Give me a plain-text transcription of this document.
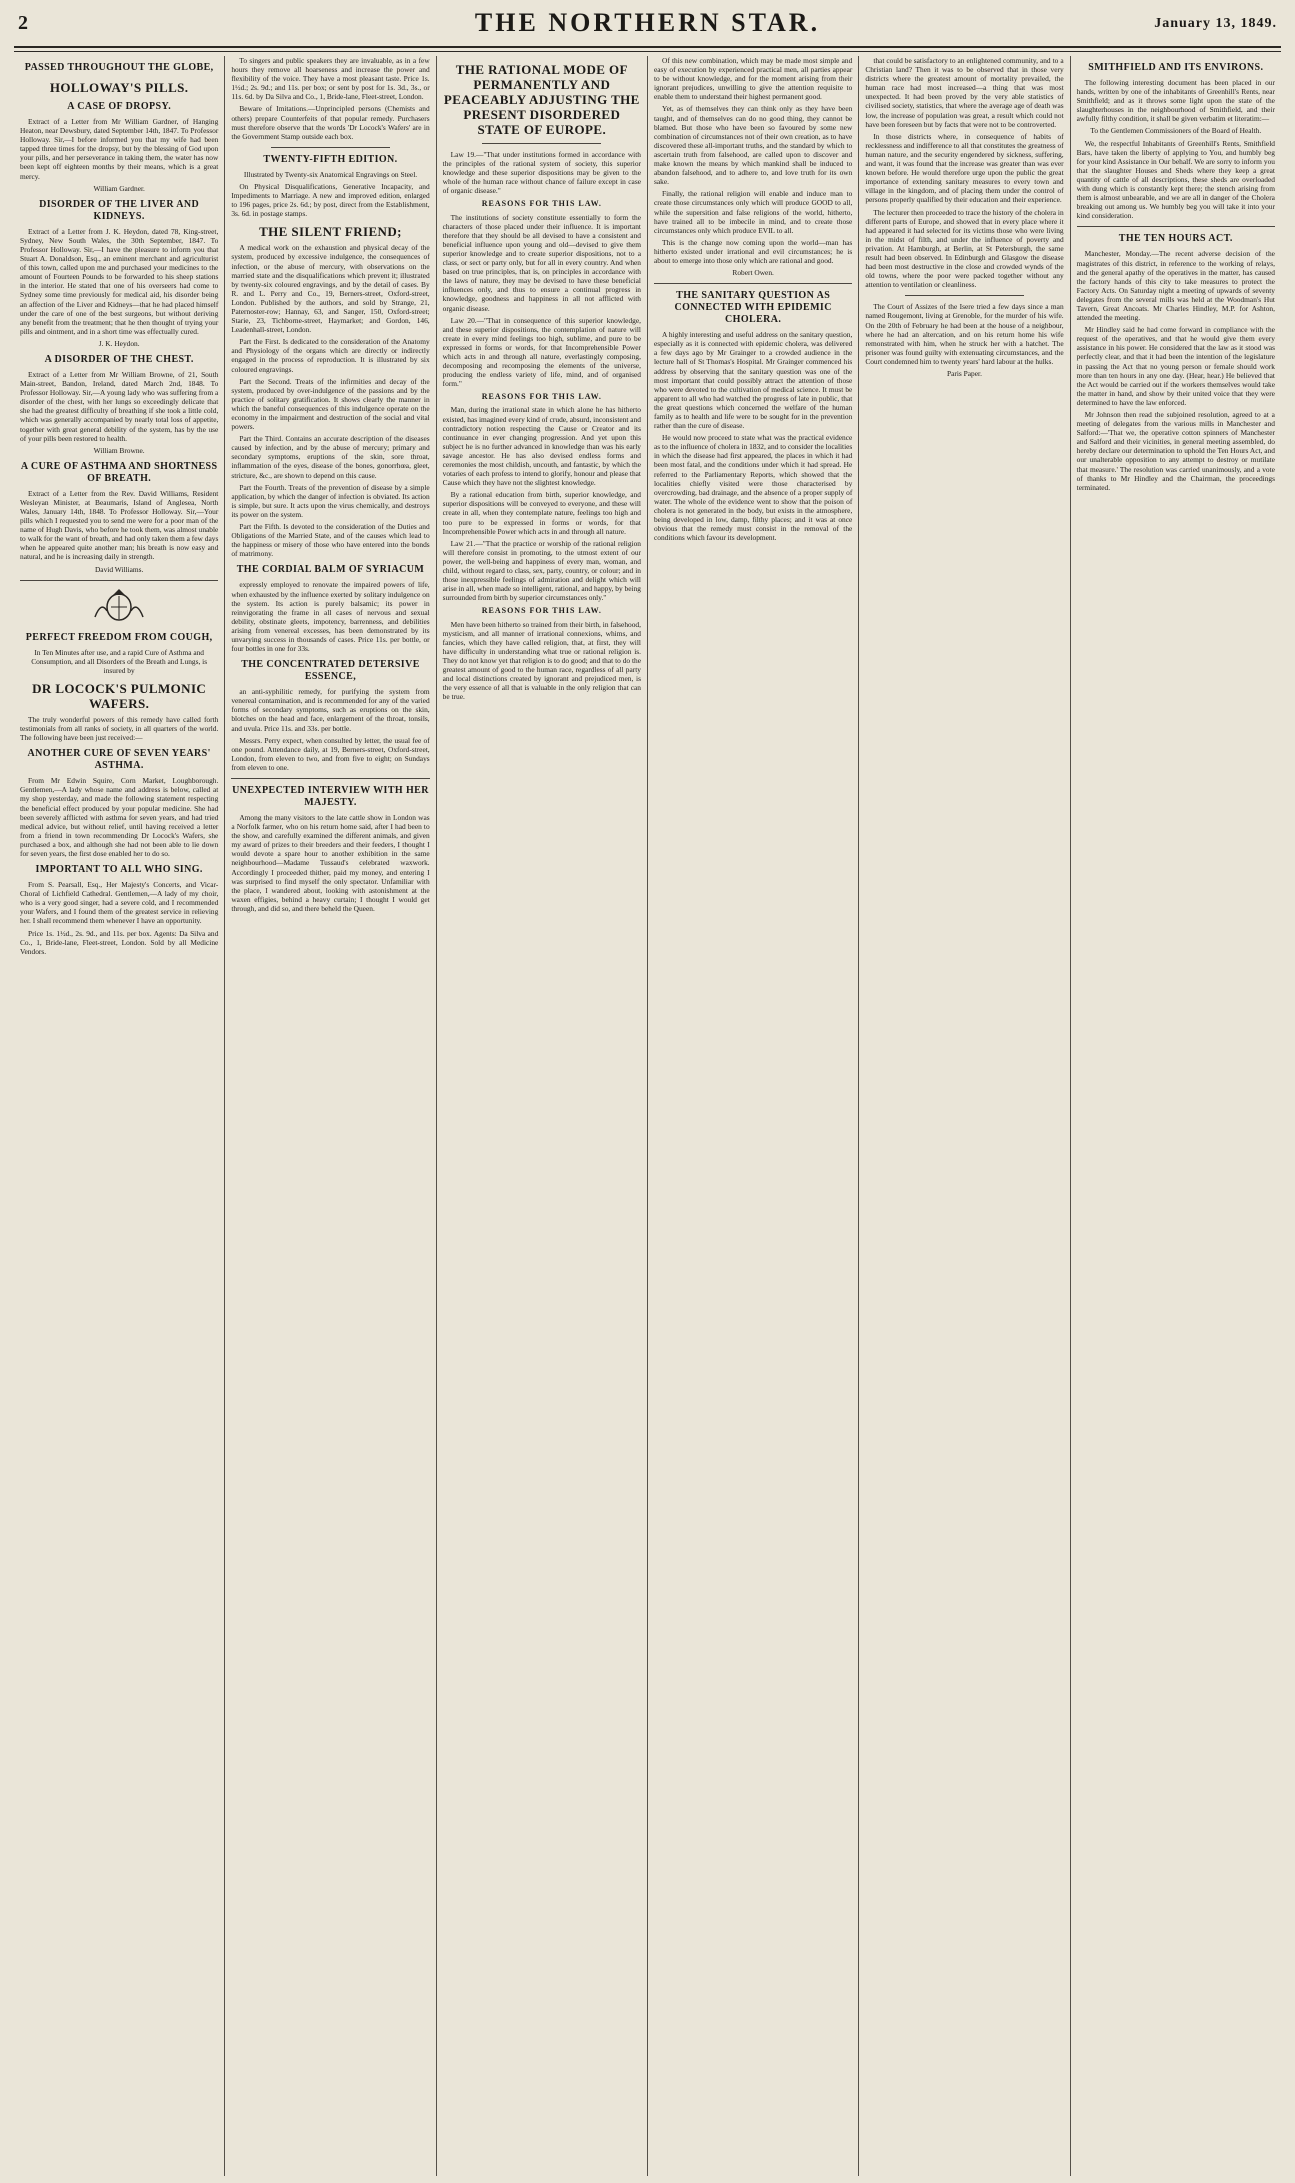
2	THE NORTHERN STAR.	January 13, 1849.
PASSED THROUGHOUT THE GLOBE,
HOLLOWAY'S PILLS.
A CASE OF DROPSY.

Extract of a Letter from Mr William Gardner, of Hanging Heaton, near Dewsbury, dated September 14th, 1847. To Professor Holloway. Sir,—I before informed you that my wife had been tapped three times for the dropsy, but by the blessing of God upon your pills, and her perseverance in taking them, the water has now been kept off eighteen months by their means, which is a great mercy.

William Gardner.

DISORDER OF THE LIVER AND KIDNEYS.

Extract of a Letter from J. K. Heydon, dated 78, King-street, Sydney, New South Wales, the 30th September, 1847. To Professor Holloway. Sir,—I have the pleasure to inform you that Stuart A. Donaldson, Esq., an eminent merchant and agriculturist of this town, called upon me and purchased your medicines to the amount of Fourteen Pounds to be forwarded to his sheep stations in the interior. He stated that one of his overseers had come to Sydney some time previously for medical aid, his disorder being an affection of the Liver and Kidneys—that he had placed himself under the care of one of the best surgeons, but without deriving any benefit from the treatment; that he then thought of trying your pills and ointment, and in a short time was effectually cured.

J. K. Heydon.

A DISORDER OF THE CHEST.

Extract of a Letter from Mr William Browne, of 21, South Main-street, Bandon, Ireland, dated March 2nd, 1848. To Professor Holloway. Sir,—A young lady who was suffering from a disorder of the chest, with her lungs so exceedingly delicate that she had the greatest difficulty of breathing if she took a little cold, which was generally accompanied by nearly total loss of appetite, together with great general debility of the system, has by the use of your pills been restored to health.

William Browne.

A CURE OF ASTHMA AND SHORTNESS OF BREATH.

Extract of a Letter from the Rev. David Williams, Resident Wesleyan Minister, at Beaumaris, Island of Anglesea, North Wales, January 14th, 1848. To Professor Holloway. Sir,—Your pills which I requested you to send me were for a poor man of the name of Hugh Davis, who before he took them, was almost unable to walk for the want of breath, and had only taken them a few days when he appeared quite another man; his breath is now easy and natural, and he is increasing daily in strength.

David Williams.

PERFECT FREEDOM FROM COUGH,

In Ten Minutes after use, and a rapid Cure of Asthma and Consumption, and all Disorders of the Breath and Lungs, is insured by

DR LOCOCK'S PULMONIC WAFERS.

The truly wonderful powers of this remedy have called forth testimonials from all ranks of society, in all quarters of the world. The following have been just received:—

ANOTHER CURE OF SEVEN YEARS' ASTHMA.

From Mr Edwin Squire, Corn Market, Loughborough. Gentlemen,—A lady whose name and address is below, called at my shop yesterday, and made the following statement respecting the beneficial effect produced by your popular medicine. She had been severely afflicted with asthma for seven years, and had tried medical advice, but without relief, until having received a letter from a friend in town recommending Dr Locock's Wafers, she purchased a box, and although she had not been able to lie down for seven years, the first dose enabled her to do so.

IMPORTANT TO ALL WHO SING.

From S. Pearsall, Esq., Her Majesty's Concerts, and Vicar-Choral of Lichfield Cathedral. Gentlemen,—A lady of my choir, who is a very good singer, had a severe cold, and I recommended your Wafers, and I found them of the greatest service in relieving her. I shall recommend them whenever I have an opportunity.

Price 1s. 1½d., 2s. 9d., and 11s. per box. Agents: Da Silva and Co., 1, Bride-lane, Fleet-street, London. Sold by all Medicine Vendors.

To singers and public speakers they are invaluable, as in a few hours they remove all hoarseness and increase the power and flexibility of the voice. They have a most pleasant taste. Price 1s. 1½d.; 2s. 9d.; and 11s. per box; or sent by post for 1s. 3d., 3s., or 11s. 6d. by Da Silva and Co., 1, Bride-lane, Fleet-street, London.

Beware of Imitations.—Unprincipled persons (Chemists and others) prepare Counterfeits of that popular remedy. Purchasers must therefore observe that the words 'Dr Locock's Wafers' are in the Government Stamp outside each box.

TWENTY-FIFTH EDITION.

Illustrated by Twenty-six Anatomical Engravings on Steel.

On Physical Disqualifications, Generative Incapacity, and Impediments to Marriage. A new and improved edition, enlarged to 196 pages, price 2s. 6d.; by post, direct from the Establishment, 3s. 6d. in postage stamps.

THE SILENT FRIEND;

A medical work on the exhaustion and physical decay of the system, produced by excessive indulgence, the consequences of infection, or the abuse of mercury, with observations on the married state and the disqualifications which prevent it; illustrated by twenty-six coloured engravings, and by the detail of cases. By R. and L. Perry and Co., 19, Berners-street, Oxford-street, London. Published by the authors, and sold by Strange, 21, Paternoster-row; Hannay, 63, and Sanger, 150, Oxford-street; Starie, 23, Tichborne-street, Haymarket; and Gordon, 146, Leadenhall-street, London.

Part the First. Is dedicated to the consideration of the Anatomy and Physiology of the organs which are directly or indirectly engaged in the process of reproduction. It is illustrated by six coloured engravings.

Part the Second. Treats of the infirmities and decay of the system, produced by over-indulgence of the passions and by the practice of solitary gratification. It shows clearly the manner in which the baneful consequences of this indulgence operate on the economy in the impairment and destruction of the social and vital powers.

Part the Third. Contains an accurate description of the diseases caused by infection, and by the abuse of mercury; primary and secondary symptoms, eruptions of the skin, sore throat, inflammation of the eyes, disease of the bones, gonorrhœa, gleet, stricture, &c., are shown to depend on this cause.

Part the Fourth. Treats of the prevention of disease by a simple application, by which the danger of infection is obviated. Its action is simple, but sure. It acts upon the virus chemically, and destroys its power on the system.

Part the Fifth. Is devoted to the consideration of the Duties and Obligations of the Married State, and of the causes which lead to the happiness or misery of those who have entered into the bonds of matrimony.

THE CORDIAL BALM OF SYRIACUM

expressly employed to renovate the impaired powers of life, when exhausted by the influence exerted by solitary indulgence on the system. Its action is purely balsamic; its power in reinvigorating the frame in all cases of nervous and sexual debility, obstinate gleets, impotency, barrenness, and debilities arising from venereal excesses, has been demonstrated by its unvarying success in thousands of cases. Price 11s. per bottle, or four bottles in one for 33s.

THE CONCENTRATED DETERSIVE ESSENCE,

an anti-syphilitic remedy, for purifying the system from venereal contamination, and is recommended for any of the varied forms of secondary symptoms, such as eruptions on the skin, blotches on the head and face, enlargement of the throat, tonsils, and uvula. Price 11s. and 33s. per bottle.

Messrs. Perry expect, when consulted by letter, the usual fee of one pound. Attendance daily, at 19, Berners-street, Oxford-street, London, from eleven to two, and from five to eight; on Sundays from eleven to one.

UNEXPECTED INTERVIEW WITH HER MAJESTY.

Among the many visitors to the late cattle show in London was a Norfolk farmer, who on his return home said, after I had been to the show, and carefully examined the different animals, and given my award of prizes to their breeders and their feeders, I thought I would devote a spare hour to another exhibition in the same neighbourhood—Madame Tussaud's celebrated waxwork. Accordingly I proceeded thither, paid my money, and entering I was surprised to find myself the only spectator. Unfamiliar with the place, I wandered about, looking with astonishment at the waxen effigies, behind a heavy curtain; I thought I would get through, and did so, and there beheld the Queen.

THE RATIONAL MODE OF PERMANENTLY AND PEACEABLY ADJUSTING THE PRESENT DISORDERED STATE OF EUROPE.

Law 19.—"That under institutions formed in accordance with the principles of the rational system of society, this superior knowledge and these superior dispositions may be given to the whole of the human race without chance of failure except in case of organic disease."

REASONS FOR THIS LAW.

The institutions of society constitute essentially to form the characters of those placed under their influence. It is important therefore that they should be all devised to have a consistent and beneficial influence upon young and old—devised to give them superior knowledge and to create superior dispositions, not to a class, or sect or party only, but for all in every country. And when based on true principles, that is, on principles in accordance with the laws of nature, they may be devised to have these beneficial influences only, and thus to ensure a continual progress in knowledge, goodness and happiness in all not afflicted with organic disease.

Law 20.—"That in consequence of this superior knowledge, and these superior dispositions, the contemplation of nature will create in every mind feelings too high, sublime, and pure to be expressed in forms or words, for that Incomprehensible Power which acts in and through all nature, everlastingly composing, decomposing and recomposing the elements of the universe, producing the endless variety of life, mind, and of organised form."

REASONS FOR THIS LAW.

Man, during the irrational state in which alone he has hitherto existed, has imagined every kind of crude, absurd, inconsistent and contradictory notion respecting the Cause or Creator and its continuance in ever changing progression. And yet upon this subject he is no further advanced in knowledge than was his early savage ancestor. He has also devised endless forms and ceremonies the most childish, uncouth, and fantastic, by which the votaries of each profess to intend to glorify, honour and please that Cause which they have not the slightest knowledge.

By a rational education from birth, superior knowledge, and superior dispositions will be conveyed to everyone, and these will create in all, when they contemplate nature, feelings too high and too pure to be expressed in forms or words, for that Incomprehensible Power which acts in and through all nature.

Law 21.—"That the practice or worship of the rational religion will therefore consist in promoting, to the utmost extent of our power, the well-being and happiness of every man, woman, and child, without regard to class, sex, party, country, or colour; and in those inexpressible feelings of admiration and delight which will arise in all, when made so intelligent, rational, and happy, by being surrounded from birth by superior circumstances only."

REASONS FOR THIS LAW.

Men have been hitherto so trained from their birth, in falsehood, mysticism, and all manner of irrational connexions, whims, and fancies, which they have called religion, that, at first, they will have difficulty in understanding what true or rational religion is. They do not know yet that religion is to do good; and that to do the greatest amount of good to the human race, regardless of all party and local distinctions created by ignorant and prejudiced men, is the very essence of all that is valuable in the only religion that can be true.

Of this new combination, which may be made most simple and easy of execution by experienced practical men, all parties appear to be without knowledge, and for the moment arising from their ignorant prejudices, unwilling to give the attention requisite to enable them to understand their highest permanent good.

Yet, as of themselves they can think only as they have been taught, and of themselves can do no good thing, they cannot be blamed. But those who have been so favoured by some new combination of circumstances not of their own creation, as to have discovered these all-important truths, and the standard by which to ascertain truth from falsehood, are called upon to discover and make known the means by which mankind shall be induced to abandon falsehood, and to adhere to, and love truth for its own sake.

Finally, the rational religion will enable and induce man to create those circumstances only which will produce GOOD to all, while the supersition and false religions of the world, hitherto, have trained all to be imbecile in mind, and to create those circumstances only which produce EVIL to all.

This is the change now coming upon the world—man has hitherto existed under irrational and evil circumstances; he is about to emerge into those only which are rational and good.

Robert Owen.

THE SANITARY QUESTION AS CONNECTED WITH EPIDEMIC CHOLERA.

A highly interesting and useful address on the sanitary question, especially as it is connected with epidemic cholera, was delivered a few days ago by Mr Grainger to a crowded audience in the lecture hall of St Thomas's Hospital. Mr Grainger commenced his address by observing that the sanitary question was one of the most important that could possibly attract the attention of those who were devoted to the cultivation of medical science. It must be apparent to all who had watched the progress of late in public, that the great questions which concerned the welfare of the human family as to health and life were to be sought for in the prevention rather than the cure of disease.

He would now proceed to state what was the practical evidence as to the influence of cholera in 1832, and to consider the localities in which the disease had first appeared, the places in which it had been most fatal, and the conditions under which it had spread. He referred to the Parliamentary Reports, which showed that the localities chiefly visited were those characterised by overcrowding, bad drainage, and the absence of a proper supply of water. The whole of the evidence went to show that the poison of cholera is not generated in the body, but exists in the atmosphere, being developed in low, damp, filthy places; and it was at once obvious that the remedy must consist in the removal of the conditions which favour its development.

that could be satisfactory to an enlightened community, and to a Christian land? Then it was to be observed that in those very districts where the greatest amount of mortality prevailed, the human race had most increased—a thing that was most unexpected. It had been proved by the very able statistics of civilised society, statistics, that where the average age of death was low, the increase of population was great, a result which could not have been foreseen but by facts that were not to be controverted.

In those districts where, in consequence of habits of recklessness and indifference to all that constitutes the greatness of human nature, and the security engendered by sickness, suffering, and want, it was found that the increase was greater than was ever known before. He would therefore urge upon the public the great importance of extending sanitary measures to every town and village in the kingdom, and of placing them under the control of persons properly qualified by their education and their experience.

The lecturer then proceeded to trace the history of the cholera in different parts of Europe, and showed that in every place where it had appeared it had selected for its victims those who were living in the midst of filth, and under the influence of poverty and privation. At Hamburgh, at Berlin, at St Petersburgh, the same result had been observed. In Edinburgh and Glasgow the disease had been most destructive in the close and crowded wynds of the old towns, where the poor were packed together without any attention to ventilation or cleanliness.

The Court of Assizes of the Isere tried a few days since a man named Rougemont, living at Grenoble, for the murder of his wife. On the 20th of February he had been at the house of a neighbour, where he had an altercation, and on his return home his wife remonstrated with him, when he struck her with a hatchet. The prisoner was found guilty with extenuating circumstances, and the Court condemned him to twenty years' hard labour at the hulks.

Paris Paper.

SMITHFIELD AND ITS ENVIRONS.

The following interesting document has been placed in our hands, written by one of the inhabitants of Greenhill's Rents, near Smithfield; and as it throws some light upon the state of the slaughterhouses in the neighbourhood of Smithfield, and their awfully filthy condition, it shall be given verbatim et literatim:—

To the Gentlemen Commissioners of the Board of Health.

We, the respectful Inhabitants of Greenhill's Rents, Smithfield Bars, have taken the liberty of applying to You, and humbly beg for your kind Assistance in Our behalf. We are sorry to inform you that the slaughter Houses and Sheds where they keep a great quantity of cattle of all descriptions, these sheds are overloaded with dung which is constantly kept there; the stench arising from them is almost unbearable, and we are all in danger of the Cholera breaking out among us. We humbly beg you will take it into your kind consideration.

THE TEN HOURS ACT.

Manchester, Monday.—The recent adverse decision of the magistrates of this district, in reference to the working of relays, and the general apathy of the operatives in the matter, has caused the factory hands of this city to take measures to protect the Factory Acts. On Saturday night a meeting of upwards of seventy delegates from the several mills was held at the Woodman's Hut Tavern, Great Ancoats. Mr Charles Hindley, M.P. for Ashton, attended the meeting.

Mr Hindley said he had come forward in compliance with the request of the operatives, and that he would give them every assistance in his power. He considered that the law as it stood was perfectly clear, and that it had been the intention of the legislature in passing the Act that no young person or female should work more than ten hours in any one day. (Hear, hear.) He believed that the Act would be carried out if the workers themselves would take the matter in hand, and show by their united voice that they were determined to have the law enforced.

Mr Johnson then read the subjoined resolution, agreed to at a meeting of delegates from the various mills in Manchester and Salford:—'That we, the operative cotton spinners of Manchester and Salford and their vicinities, in general meeting assembled, do hereby declare our determination to uphold the Ten Hours Act, and our unalterable opposition to any attempt to destroy or mutilate that measure.' The resolution was carried unanimously, and a vote of thanks to Mr Hindley and the Chairman, the proceedings terminated.
